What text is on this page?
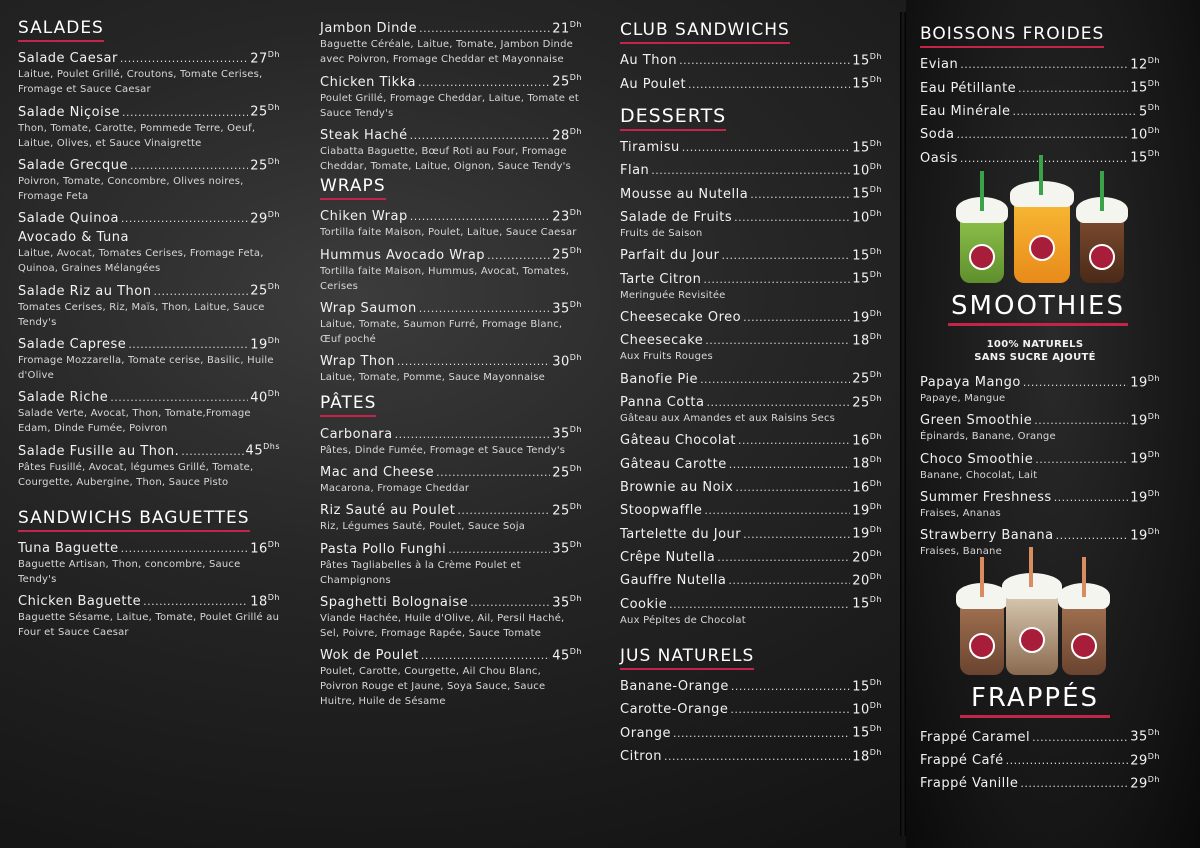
SALADES
Salade Caesar .....	$27^{Dh}$
Laitue, Poulet Grillé, Croutons, Tomate Cerises, Fromage et Sauce Caesar
Salade Niçoise .....	$25^{Dh}$
Thon, Tomate, Carotte, Pommede Terre, Oeuf, Laitue, Olives, et Sauce Vinaigrette
Salade Grecque .....	$25^{Dh}$
Poivron, Tomate, Concombre, Olives noires, Fromage Feta
Salade Quinoa .....	$29^{Dh}$
Avocado & Tuna
Laitue, Avocat, Tomates Cerises, Fromage Feta, Quinoa, Graines Mélangées
Salade Riz au Thon .....	$25^{Dh}$
Tomates Cerises, Riz, Maïs, Thon, Laitue, Sauce Tendy's
Salade Caprese .....	$19^{Dh}$
Fromage Mozzarella, Tomate cerise, Basilic, Huile d'Olive
Salade Riche .....	$40^{Dh}$
Salade Verte, Avocat, Thon, Tomate,Fromage Edam, Dinde Fumée, Poivron
Salade Fusille au Thon. .....	$45^{Dhs}$
Pâtes Fusillé, Avocat, légumes Grillé, Tomate, Courgette, Aubergine, Thon, Sauce Pisto
SANDWICHS BAGUETTES
Tuna Baguette .....	$16^{Dh}$
Baguette Artisan, Thon, concombre, Sauce Tendy's
Chicken Baguette .....	$18^{Dh}$
Baguette Sésame, Laitue, Tomate, Poulet Grillé au Four et Sauce Caesar
Jambon Dinde .....	$21^{Dh}$
Baguette Céréale, Laitue, Tomate, Jambon Dinde avec Poivron, Fromage Cheddar et Mayonnaise
Chicken Tikka .....	$25^{Dh}$
Poulet Grillé, Fromage Cheddar, Laitue, Tomate et Sauce Tendy's
Steak Haché .....	$28^{Dh}$
Ciabatta Baguette, Bœuf Roti au Four, Fromage Cheddar, Tomate, Laitue, Oignon, Sauce Tendy's
WRAPS
Chiken Wrap .....	$23^{Dh}$
Tortilla faite Maison, Poulet, Laitue, Sauce Caesar
Hummus Avocado Wrap .....	$25^{Dh}$
Tortilla faite Maison, Hummus, Avocat, Tomates, Cerises
Wrap Saumon .....	$35^{Dh}$
Laitue, Tomate, Saumon Furré, Fromage Blanc, Œuf poché
Wrap Thon .....	$30^{Dh}$
Laitue, Tomate, Pomme, Sauce Mayonnaise
PÂTES
Carbonara .....	$35^{Dh}$
Pâtes, Dinde Fumée, Fromage et Sauce Tendy's
Mac and Cheese .....	$25^{Dh}$
Macarona, Fromage Cheddar
Riz Sauté au Poulet .....	$25^{Dh}$
Riz, Légumes Sauté, Poulet, Sauce Soja
Pasta Pollo Funghi .....	$35^{Dh}$
Pâtes Tagliabelles à la Crème Poulet et Champignons
Spaghetti Bolognaise .....	$35^{Dh}$
Viande Hachée, Huile d'Olive, Ail, Persil Haché, Sel, Poivre, Fromage Rapée, Sauce Tomate
Wok de Poulet .....	$45^{Dh}$
Poulet, Carotte, Courgette, Ail Chou Blanc, Poivron Rouge et Jaune, Soya Sauce, Sauce Huitre, Huile de Sésame
CLUB SANDWICHS
Au Thon .....	$15^{Dh}$
Au Poulet .....	$15^{Dh}$
DESSERTS
Tiramisu .....	$15^{Dh}$
Flan .....	$10^{Dh}$
Mousse au Nutella .....	$15^{Dh}$
Salade de Fruits .....	$10^{Dh}$
Fruits de Saison
Parfait du Jour .....	$15^{Dh}$
Tarte Citron .....	$15^{Dh}$
Meringuée Revisitée
Cheesecake Oreo .....	$19^{Dh}$
Cheesecake .....	$18^{Dh}$
Aux Fruits Rouges
Banofie Pie .....	$25^{Dh}$
Panna Cotta .....	$25^{Dh}$
Gâteau aux Amandes et aux Raisins Secs
Gâteau Chocolat .....	$16^{Dh}$
Gâteau Carotte .....	$18^{Dh}$
Brownie au Noix .....	$16^{Dh}$
Stoopwaffle .....	$19^{Dh}$
Tartelette du Jour .....	$19^{Dh}$
Crêpe Nutella .....	$20^{Dh}$
Gauffre Nutella .....	$20^{Dh}$
Cookie .....	$15^{Dh}$
Aux Pépites de Chocolat
JUS NATURELS
Banane-Orange .....	$15^{Dh}$
Carotte-Orange .....	$10^{Dh}$
Orange .....	$15^{Dh}$
Citron .....	$18^{Dh}$
BOISSONS FROIDES
Evian .....	$12^{Dh}$
Eau Pétillante .....	$15^{Dh}$
Eau Minérale .....	$5^{Dh}$
Soda .....	$10^{Dh}$
Oasis .....	$15^{Dh}$
SMOOTHIES
100% NATURELS
SANS SUCRE AJOUTÉ
Papaya Mango .....	$19^{Dh}$
Papaye, Mangue
Green Smoothie .....	$19^{Dh}$
Épinards, Banane, Orange
Choco Smoothie .....	$19^{Dh}$
Banane, Chocolat, Lait
Summer Freshness .....	$19^{Dh}$
Fraises, Ananas
Strawberry Banana .....	$19^{Dh}$
Fraises, Banane
FRAPPÉS
Frappé Caramel .....	$35^{Dh}$
Frappé Café .....	$29^{Dh}$
Frappé Vanille .....	$29^{Dh}$
